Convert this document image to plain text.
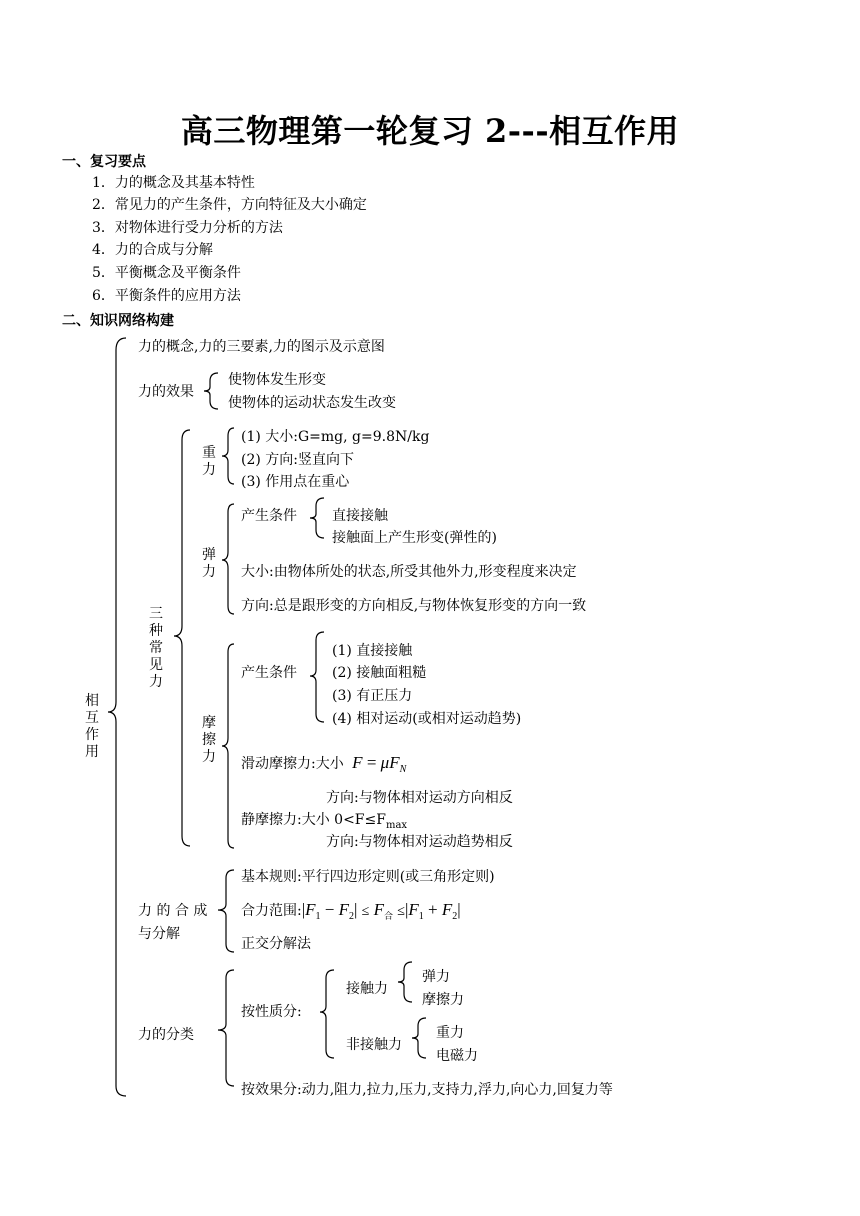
高三物理第一轮复习 2---相互作用
一、复习要点
1．力的概念及其基本特性
2．常见力的产生条件，方向特征及大小确定
3．对物体进行受力分析的方法
4．力的合成与分解
5．平衡概念及平衡条件
6．平衡条件的应用方法
二、知识网络构建
相互作用
力的概念,力的三要素,力的图示及示意图
力的效果
使物体发生形变
使物体的运动状态发生改变
三种常见力
重力
(1) 大小:G=mg, g=9.8N/kg
(2) 方向:竖直向下
(3) 作用点在重心
弹力
产生条件	直接接触
接触面上产生形变(弹性的)
大小:由物体所处的状态,所受其他外力,形变程度来决定
方向:总是跟形变的方向相反,与物体恢复形变的方向一致
摩擦力
产生条件
(1) 直接接触
(2) 接触面粗糙
(3) 有正压力
(4) 相对运动(或相对运动趋势)
滑动摩擦力:大小 $F = \mu F_N$
方向:与物体相对运动方向相反
静摩擦力:大小 $0<F\le F_{max}$
方向:与物体相对运动趋势相反
力 的 合 成
与分解
基本规则:平行四边形定则(或三角形定则)
合力范围$:|F_1 - F_2| \le F_合 \le|F_1 + F_2|$
正交分解法
力的分类
按性质分:
接触力
弹力
摩擦力
非接触力
重力
电磁力
按效果分:动力,阻力,拉力,压力,支持力,浮力,向心力,回复力等
